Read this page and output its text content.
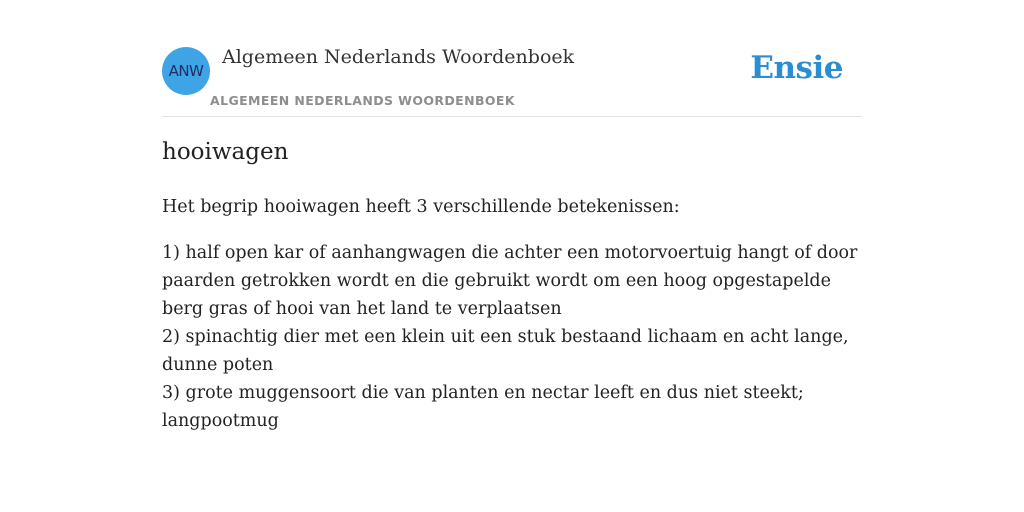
ANW
Algemeen Nederlands Woordenboek
ALGEMEEN NEDERLANDS WOORDENBOEK
Ensie
hooiwagen

Het begrip hooiwagen heeft 3 verschillende betekenissen:

1) half open kar of aanhangwagen die achter een motorvoertuig hangt of door paarden getrokken wordt en die gebruikt wordt om een hoog opgestapelde berg gras of hooi van het land te verplaatsen
2) spinachtig dier met een klein uit een stuk bestaand lichaam en acht lange, dunne poten
3) grote muggensoort die van planten en nectar leeft en dus niet steekt; langpootmug
